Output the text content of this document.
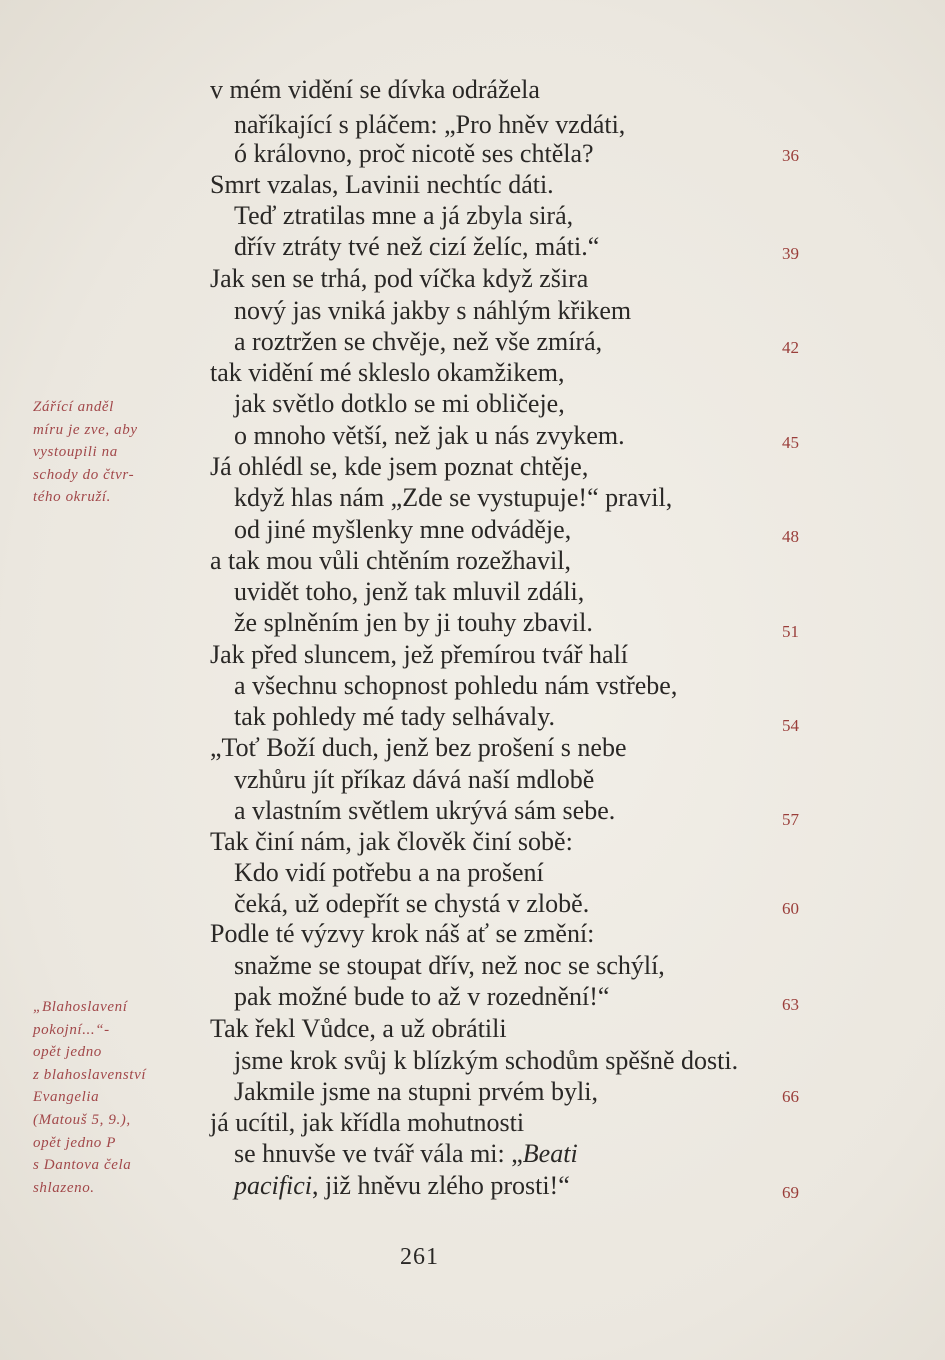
v mém vidění se dívka odrážela
naříkající s pláčem: „Pro hněv vzdáti,
ó královno, proč nicotě ses chtěla?
Smrt vzalas, Lavinii nechtíc dáti.
Teď ztratilas mne a já zbyla sirá,
dřív ztráty tvé než cizí želíc, máti.“
Jak sen se trhá, pod víčka když zšira
nový jas vniká jakby s náhlým křikem
a roztržen se chvěje, než vše zmírá,
tak vidění mé skleslo okamžikem,
jak světlo dotklo se mi obličeje,
o mnoho větší, než jak u nás zvykem.
Já ohlédl se, kde jsem poznat chtěje,
když hlas nám „Zde se vystupuje!“ pravil,
od jiné myšlenky mne odváděje,
a tak mou vůli chtěním rozežhavil,
uvidět toho, jenž tak mluvil zdáli,
že splněním jen by ji touhy zbavil.
Jak před sluncem, jež přemírou tvář halí
a všechnu schopnost pohledu nám vstřebe,
tak pohledy mé tady selhávaly.
„Toť Boží duch, jenž bez prošení s nebe
vzhůru jít příkaz dává naší mdlobě
a vlastním světlem ukrývá sám sebe.
Tak činí nám, jak člověk činí sobě:
Kdo vidí potřebu a na prošení
čeká, už odepřít se chystá v zlobě.
Podle té výzvy krok náš ať se změní:
snažme se stoupat dřív, než noc se schýlí,
pak možné bude to až v rozednění!“
Tak řekl Vůdce, a už obrátili
jsme krok svůj k blízkým schodům spěšně dosti.
Jakmile jsme na stupni prvém byli,
já ucítil, jak křídla mohutnosti
se hnuvše ve tvář vála mi: „Beati
pacifici, již hněvu zlého prosti!“
36
39
42
45
48
51
54
57
60
63
66
69
Zářící anděl
míru je zve, aby
vystoupili na
schody do čtvr-
tého okruží.
„Blahoslavení
pokojní...“-
opět jedno
z blahoslavenství
Evangelia
(Matouš 5, 9.),
opět jedno P
s Dantova čela
shlazeno.
261
